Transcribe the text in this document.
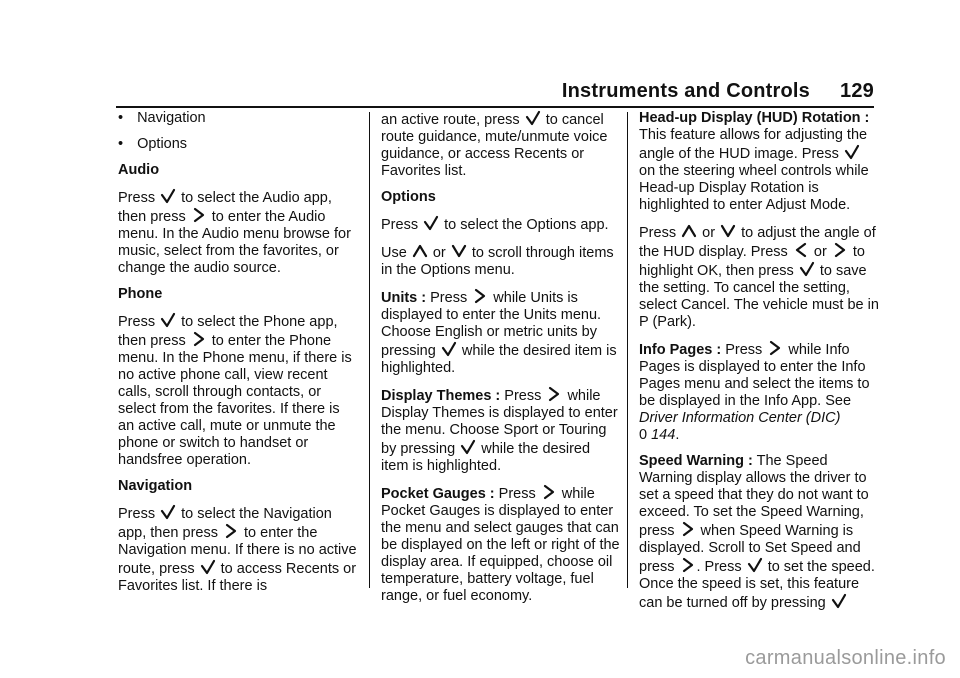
Instruments and Controls 129
• Navigation
• Options

Audio

Press to select the Audio app, then press to enter the Audio menu. In the Audio menu browse for music, select from the favorites, or change the audio source.

Phone

Press to select the Phone app, then press to enter the Phone menu. In the Phone menu, if there is no active phone call, view recent calls, scroll through contacts, or select from the favorites. If there is an active call, mute or unmute the phone or switch to handset or handsfree operation.

Navigation

Press to select the Navigation app, then press to enter the Navigation menu. If there is no active route, press to access Recents or Favorites list. If there is

an active route, press to cancel route guidance, mute/unmute voice guidance, or access Recents or Favorites list.

Options

Press to select the Options app.

Use or to scroll through items in the Options menu.

Units : Press while Units is displayed to enter the Units menu. Choose English or metric units by pressing while the desired item is highlighted.

Display Themes : Press while Display Themes is displayed to enter the menu. Choose Sport or Touring by pressing while the desired item is highlighted.

Pocket Gauges : Press while Pocket Gauges is displayed to enter the menu and select gauges that can be displayed on the left or right of the display area. If equipped, choose oil temperature, battery voltage, fuel range, or fuel economy.

Head-up Display (HUD) Rotation : This feature allows for adjusting the angle of the HUD image. Press
on the steering wheel controls while Head-up Display Rotation is highlighted to enter Adjust Mode.

Press or to adjust the angle of the HUD display. Press or to highlight OK, then press to save the setting. To cancel the setting, select Cancel. The vehicle must be in P (Park).

Info Pages : Press while Info Pages is displayed to enter the Info Pages menu and select the items to be displayed in the Info App. See Driver Information Center (DIC)
0 144.

Speed Warning : The Speed Warning display allows the driver to set a speed that they do not want to exceed. To set the Speed Warning, press when Speed Warning is displayed. Scroll to Set Speed and press . Press to set the speed. Once the speed is set, this feature can be turned off by pressing

carmanualsonline.info
